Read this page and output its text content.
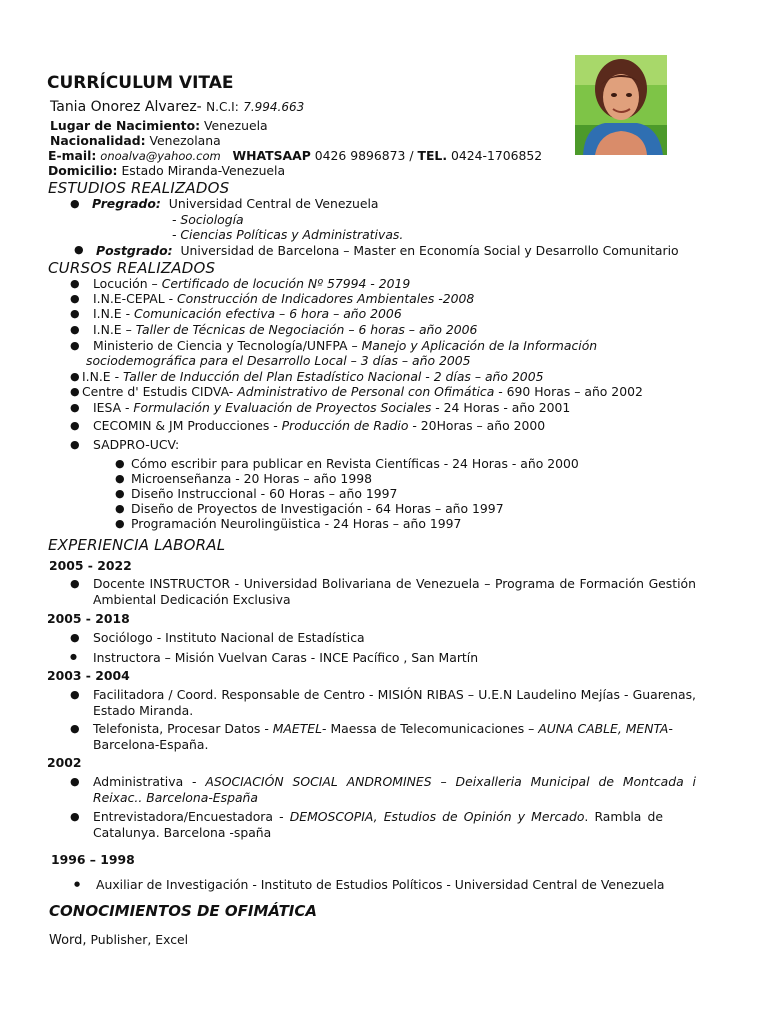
CURRÍCULUM VITAE
Tania Onorez Alvarez- N.C.I: 7.994.663
Lugar de Nacimiento: Venezuela
Nacionalidad: Venezolana
E-mail: onoalva@yahoo.com WHATSAAP 0426 9896873 / TEL. 0424-1706852
Domicilio: Estado Miranda-Venezuela
ESTUDIOS REALIZADOS
● Pregrado: Universidad Central de Venezuela
- Sociología
- Ciencias Políticas y Administrativas.
● Postgrado: Universidad de Barcelona – Master en Economía Social y Desarrollo Comunitario
CURSOS REALIZADOS
● Locución – Certificado de locución Nº 57994 - 2019
● I.N.E-CEPAL - Construcción de Indicadores Ambientales -2008
● I.N.E - Comunicación efectiva – 6 hora – año 2006
● I.N.E – Taller de Técnicas de Negociación – 6 horas – año 2006
● Ministerio de Ciencia y Tecnología/UNFPA – Manejo y Aplicación de la Información
sociodemográfica para el Desarrollo Local – 3 días – año 2005
● I.N.E - Taller de Inducción del Plan Estadístico Nacional - 2 días – año 2005
● Centre d' Estudis CIDVA- Administrativo de Personal con Ofimática - 690 Horas – año 2002
● IESA - Formulación y Evaluación de Proyectos Sociales - 24 Horas - año 2001
● CECOMIN & JM Producciones - Producción de Radio - 20Horas – año 2000
● SADPRO-UCV:
● Cómo escribir para publicar en Revista Científicas - 24 Horas - año 2000
● Microenseñanza - 20 Horas – año 1998
● Diseño Instruccional - 60 Horas – año 1997
● Diseño de Proyectos de Investigación - 64 Horas – año 1997
● Programación Neurolingüistica - 24 Horas – año 1997
EXPERIENCIA LABORAL
2005 - 2022
● Docente INSTRUCTOR - Universidad Bolivariana de Venezuela – Programa de Formación Gestión Ambiental Dedicación Exclusiva
2005 - 2018
● Sociólogo - Instituto Nacional de Estadística
● Instructora – Misión Vuelvan Caras - INCE Pacífico , San Martín
2003 - 2004
● Facilitadora / Coord. Responsable de Centro - MISIÓN RIBAS – U.E.N Laudelino Mejías - Guarenas, Estado Miranda.
● Telefonista, Procesar Datos - MAETEL- Maessa de Telecomunicaciones – AUNA CABLE, MENTA-
Barcelona-España.
2002
● Administrativa - ASOCIACIÓN SOCIAL ANDROMINES – Deixalleria Municipal de Montcada i Reixac.. Barcelona-España
● Entrevistadora/Encuestadora - DEMOSCOPIA, Estudios de Opinión y Mercado. Rambla de Catalunya. Barcelona -spaña
1996 – 1998
● Auxiliar de Investigación - Instituto de Estudios Políticos - Universidad Central de Venezuela
CONOCIMIENTOS DE OFIMÁTICA
Word, Publisher, Excel
